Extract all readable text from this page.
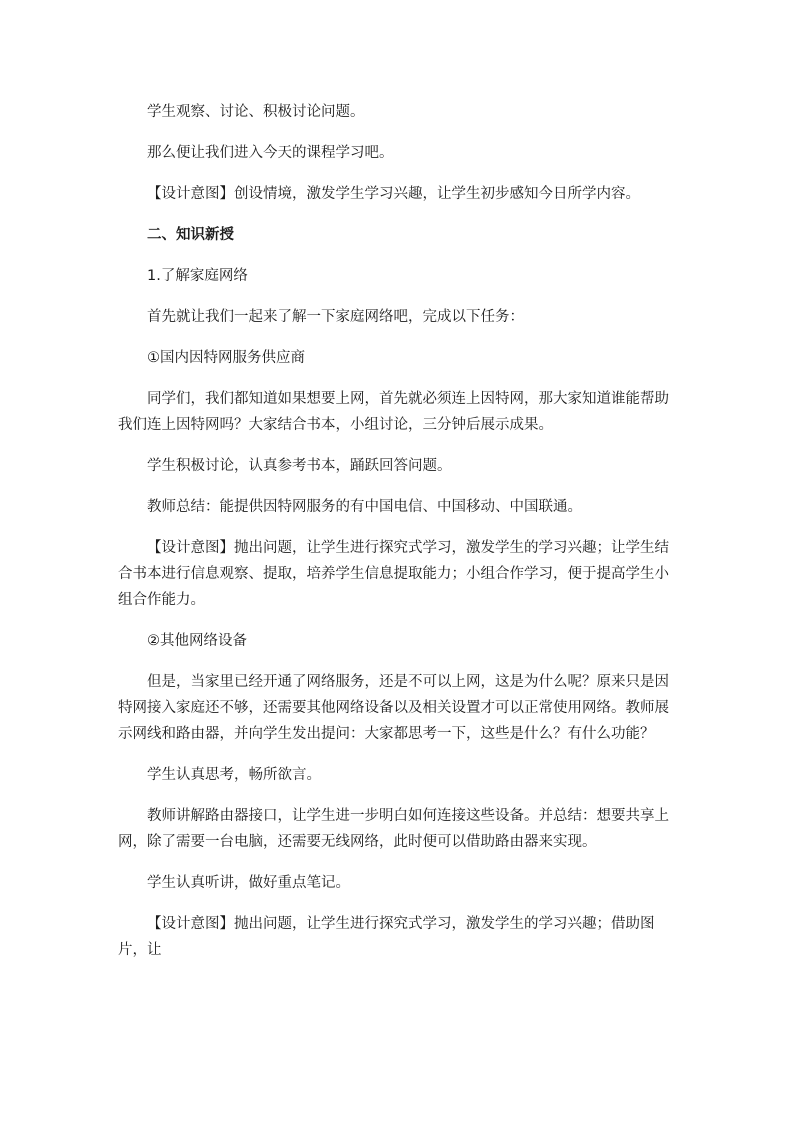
学生观察、讨论、积极讨论问题。

那么便让我们进入今天的课程学习吧。

【设计意图】创设情境，激发学生学习兴趣，让学生初步感知今日所学内容。

二、知识新授

1.了解家庭网络

首先就让我们一起来了解一下家庭网络吧，完成以下任务：

①国内因特网服务供应商

同学们，我们都知道如果想要上网，首先就必须连上因特网，那大家知道谁能帮助我们连上因特网吗？大家结合书本，小组讨论，三分钟后展示成果。

学生积极讨论，认真参考书本，踊跃回答问题。

教师总结：能提供因特网服务的有中国电信、中国移动、中国联通。

【设计意图】抛出问题，让学生进行探究式学习，激发学生的学习兴趣；让学生结合书本进行信息观察、提取，培养学生信息提取能力；小组合作学习，便于提高学生小组合作能力。

②其他网络设备

但是，当家里已经开通了网络服务，还是不可以上网，这是为什么呢？原来只是因特网接入家庭还不够，还需要其他网络设备以及相关设置才可以正常使用网络。教师展示网线和路由器，并向学生发出提问：大家都思考一下，这些是什么？有什么功能？

学生认真思考，畅所欲言。

教师讲解路由器接口，让学生进一步明白如何连接这些设备。并总结：想要共享上网，除了需要一台电脑，还需要无线网络，此时便可以借助路由器来实现。

学生认真听讲，做好重点笔记。

【设计意图】抛出问题，让学生进行探究式学习，激发学生的学习兴趣；借助图片，让
